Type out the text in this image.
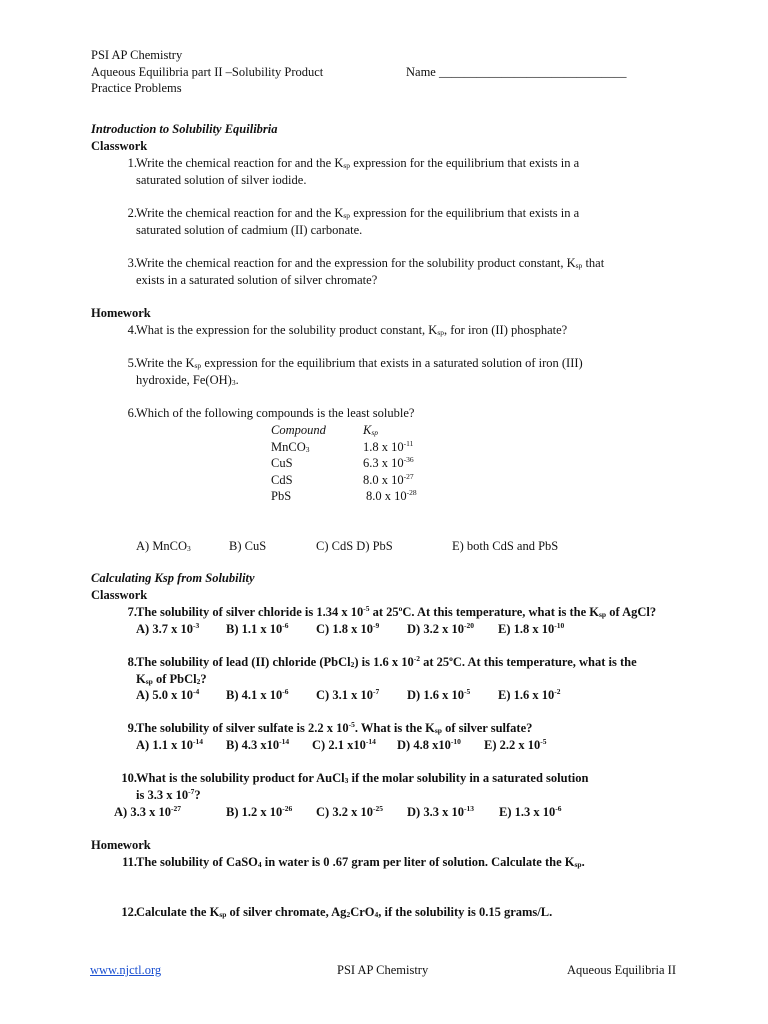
PSI AP Chemistry
Aqueous Equilibria part II –Solubility Product	Name ______________________________
Practice Problems
Introduction to Solubility Equilibria
Classwork
1. Write the chemical reaction for and the $K_{sp}$ expression for the equilibrium that exists in a
saturated solution of silver iodide.
2. Write the chemical reaction for and the $K_{sp}$ expression for the equilibrium that exists in a
saturated solution of cadmium (II) carbonate.
3. Write the chemical reaction for and the expression for the solubility product constant, $K_{sp}$ that
exists in a saturated solution of silver chromate?
Homework
4. What is the expression for the solubility product constant, $K_{sp}$, for iron (II) phosphate?
5. Write the $K_{sp}$ expression for the equilibrium that exists in a saturated solution of iron (III)
hydroxide, $Fe(OH)_3$.
6. Which of the following compounds is the least soluble?
Compound	$K_{sp}$
MnCO$_3$	1.8 x $10^{-11}$
CuS	6.3 x $10^{-36}$
CdS	8.0 x $10^{-27}$
PbS	8.0 x $10^{-28}$
A) MnCO$_3$	B) CuS	C) CdS D) PbS	E) both CdS and PbS
Calculating Ksp from Solubility
Classwork
7. The solubility of silver chloride is 1.34 x $10^{-5}$ at 25$^o$C. At this temperature, what is the $K_{sp}$ of AgCl?
A) 3.7 x $10^{-3}$ B) 1.1 x $10^{-6}$ C) 1.8 x $10^{-9}$ D) 3.2 x $10^{-20}$ E) 1.8 x $10^{-10}$
8. The solubility of lead (II) chloride (PbCl$_2$) is 1.6 x $10^{-2}$ at 25$^o$C. At this temperature, what is the
$K_{sp}$ of PbCl$_2$?
A) 5.0 x $10^{-4}$ B) 4.1 x $10^{-6}$ C) 3.1 x $10^{-7}$ D) 1.6 x $10^{-5}$ E) 1.6 x $10^{-2}$
9. The solubility of silver sulfate is 2.2 x $10^{-5}$. What is the $K_{sp}$ of silver sulfate?
A) 1.1 x $10^{-14}$ B) 4.3 $x10^{-14}$ C) 2.1 $x10^{-14}$ D) 4.8 $x10^{-10}$ E) 2.2 x $10^{-5}$
10. What is the solubility product for AuCl$_3$ if the molar solubility in a saturated solution
is 3.3 x $10^{-7}$?
A) 3.3 x $10^{-27}$	B) 1.2 x $10^{-26}$ C) 3.2 x $10^{-25}$ D) 3.3 x $10^{-13}$ E) 1.3 x $10^{-6}$
Homework
11. The solubility of CaSO$_4$ in water is 0 .67 gram per liter of solution. Calculate the $K_{sp}$.
12. Calculate the $K_{sp}$ of silver chromate, $Ag_2CrO_4$, if the solubility is 0.15 grams/L.
www.njctl.org	PSI AP Chemistry	Aqueous Equilibria II
